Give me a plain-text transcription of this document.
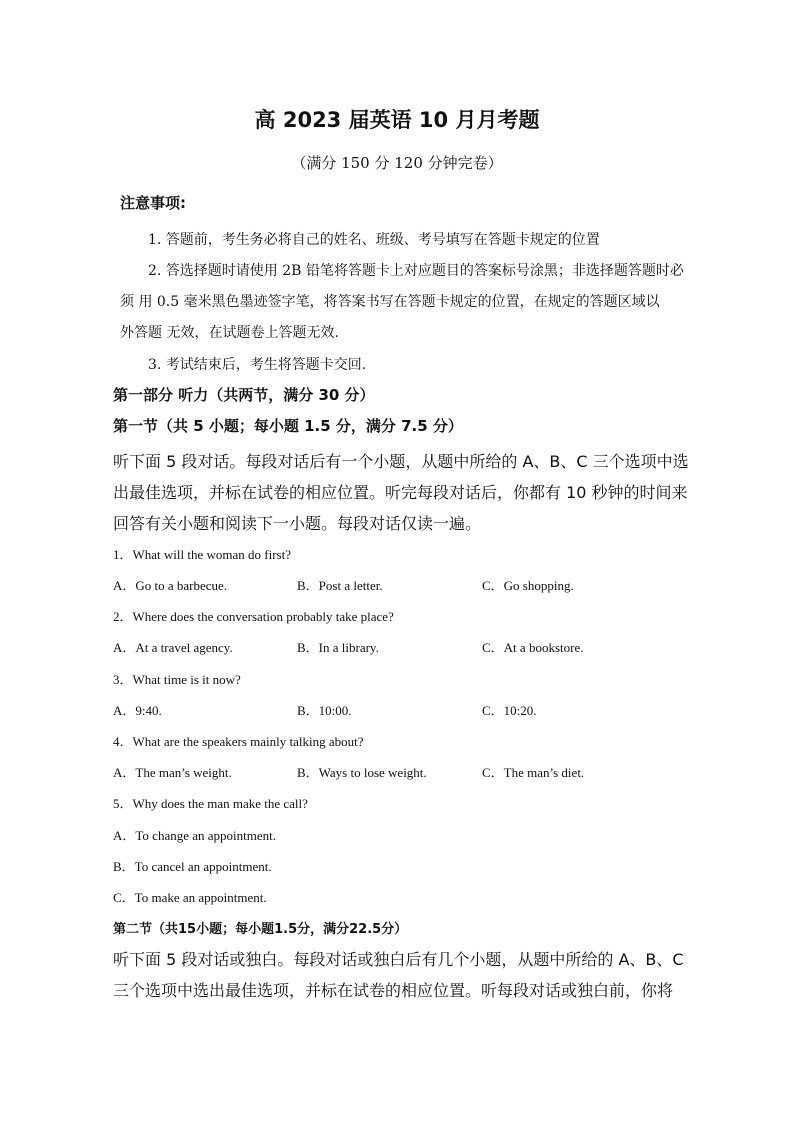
高 2023 届英语 10 月月考题
（满分 150 分 120 分钟完卷）
注意事项:
1. 答题前，考生务必将自己的姓名、班级、考号填写在答题卡规定的位置
2. 答选择题时请使用 2B 铅笔将答题卡上对应题目的答案标号涂黑；非选择题答题时必
须 用 0.5 毫米黑色墨迹签字笔，将答案书写在答题卡规定的位置，在规定的答题区域以
外答题 无效，在试题卷上答题无效.
3. 考试结束后，考生将答题卡交回.
第一部分 听力（共两节，满分 30 分）
第一节（共 5 小题；每小题 1.5 分，满分 7.5 分）
听下面 5 段对话。每段对话后有一个小题，从题中所给的 A、B、C 三个选项中选
出最佳选项，并标在试卷的相应位置。听完每段对话后，你都有 10 秒钟的时间来
回答有关小题和阅读下一小题。每段对话仅读一遍。
1．What will the woman do first?
A．Go to a barbecue.	B．Post a letter.	C．Go shopping.
2．Where does the conversation probably take place?
A．At a travel agency.	B．In a library.	C．At a bookstore.
3．What time is it now?
A．9:40.	B．10:00.	C．10:20.
4．What are the speakers mainly talking about?
A．The man’s weight.	B．Ways to lose weight.	C．The man’s diet.
5．Why does the man make the call?
A．To change an appointment.
B．To cancel an appointment.
C．To make an appointment.
第二节（共15小题；每小题1.5分，满分22.5分）
听下面 5 段对话或独白。每段对话或独白后有几个小题，从题中所给的 A、B、C
三个选项中选出最佳选项，并标在试卷的相应位置。听每段对话或独白前，你将
